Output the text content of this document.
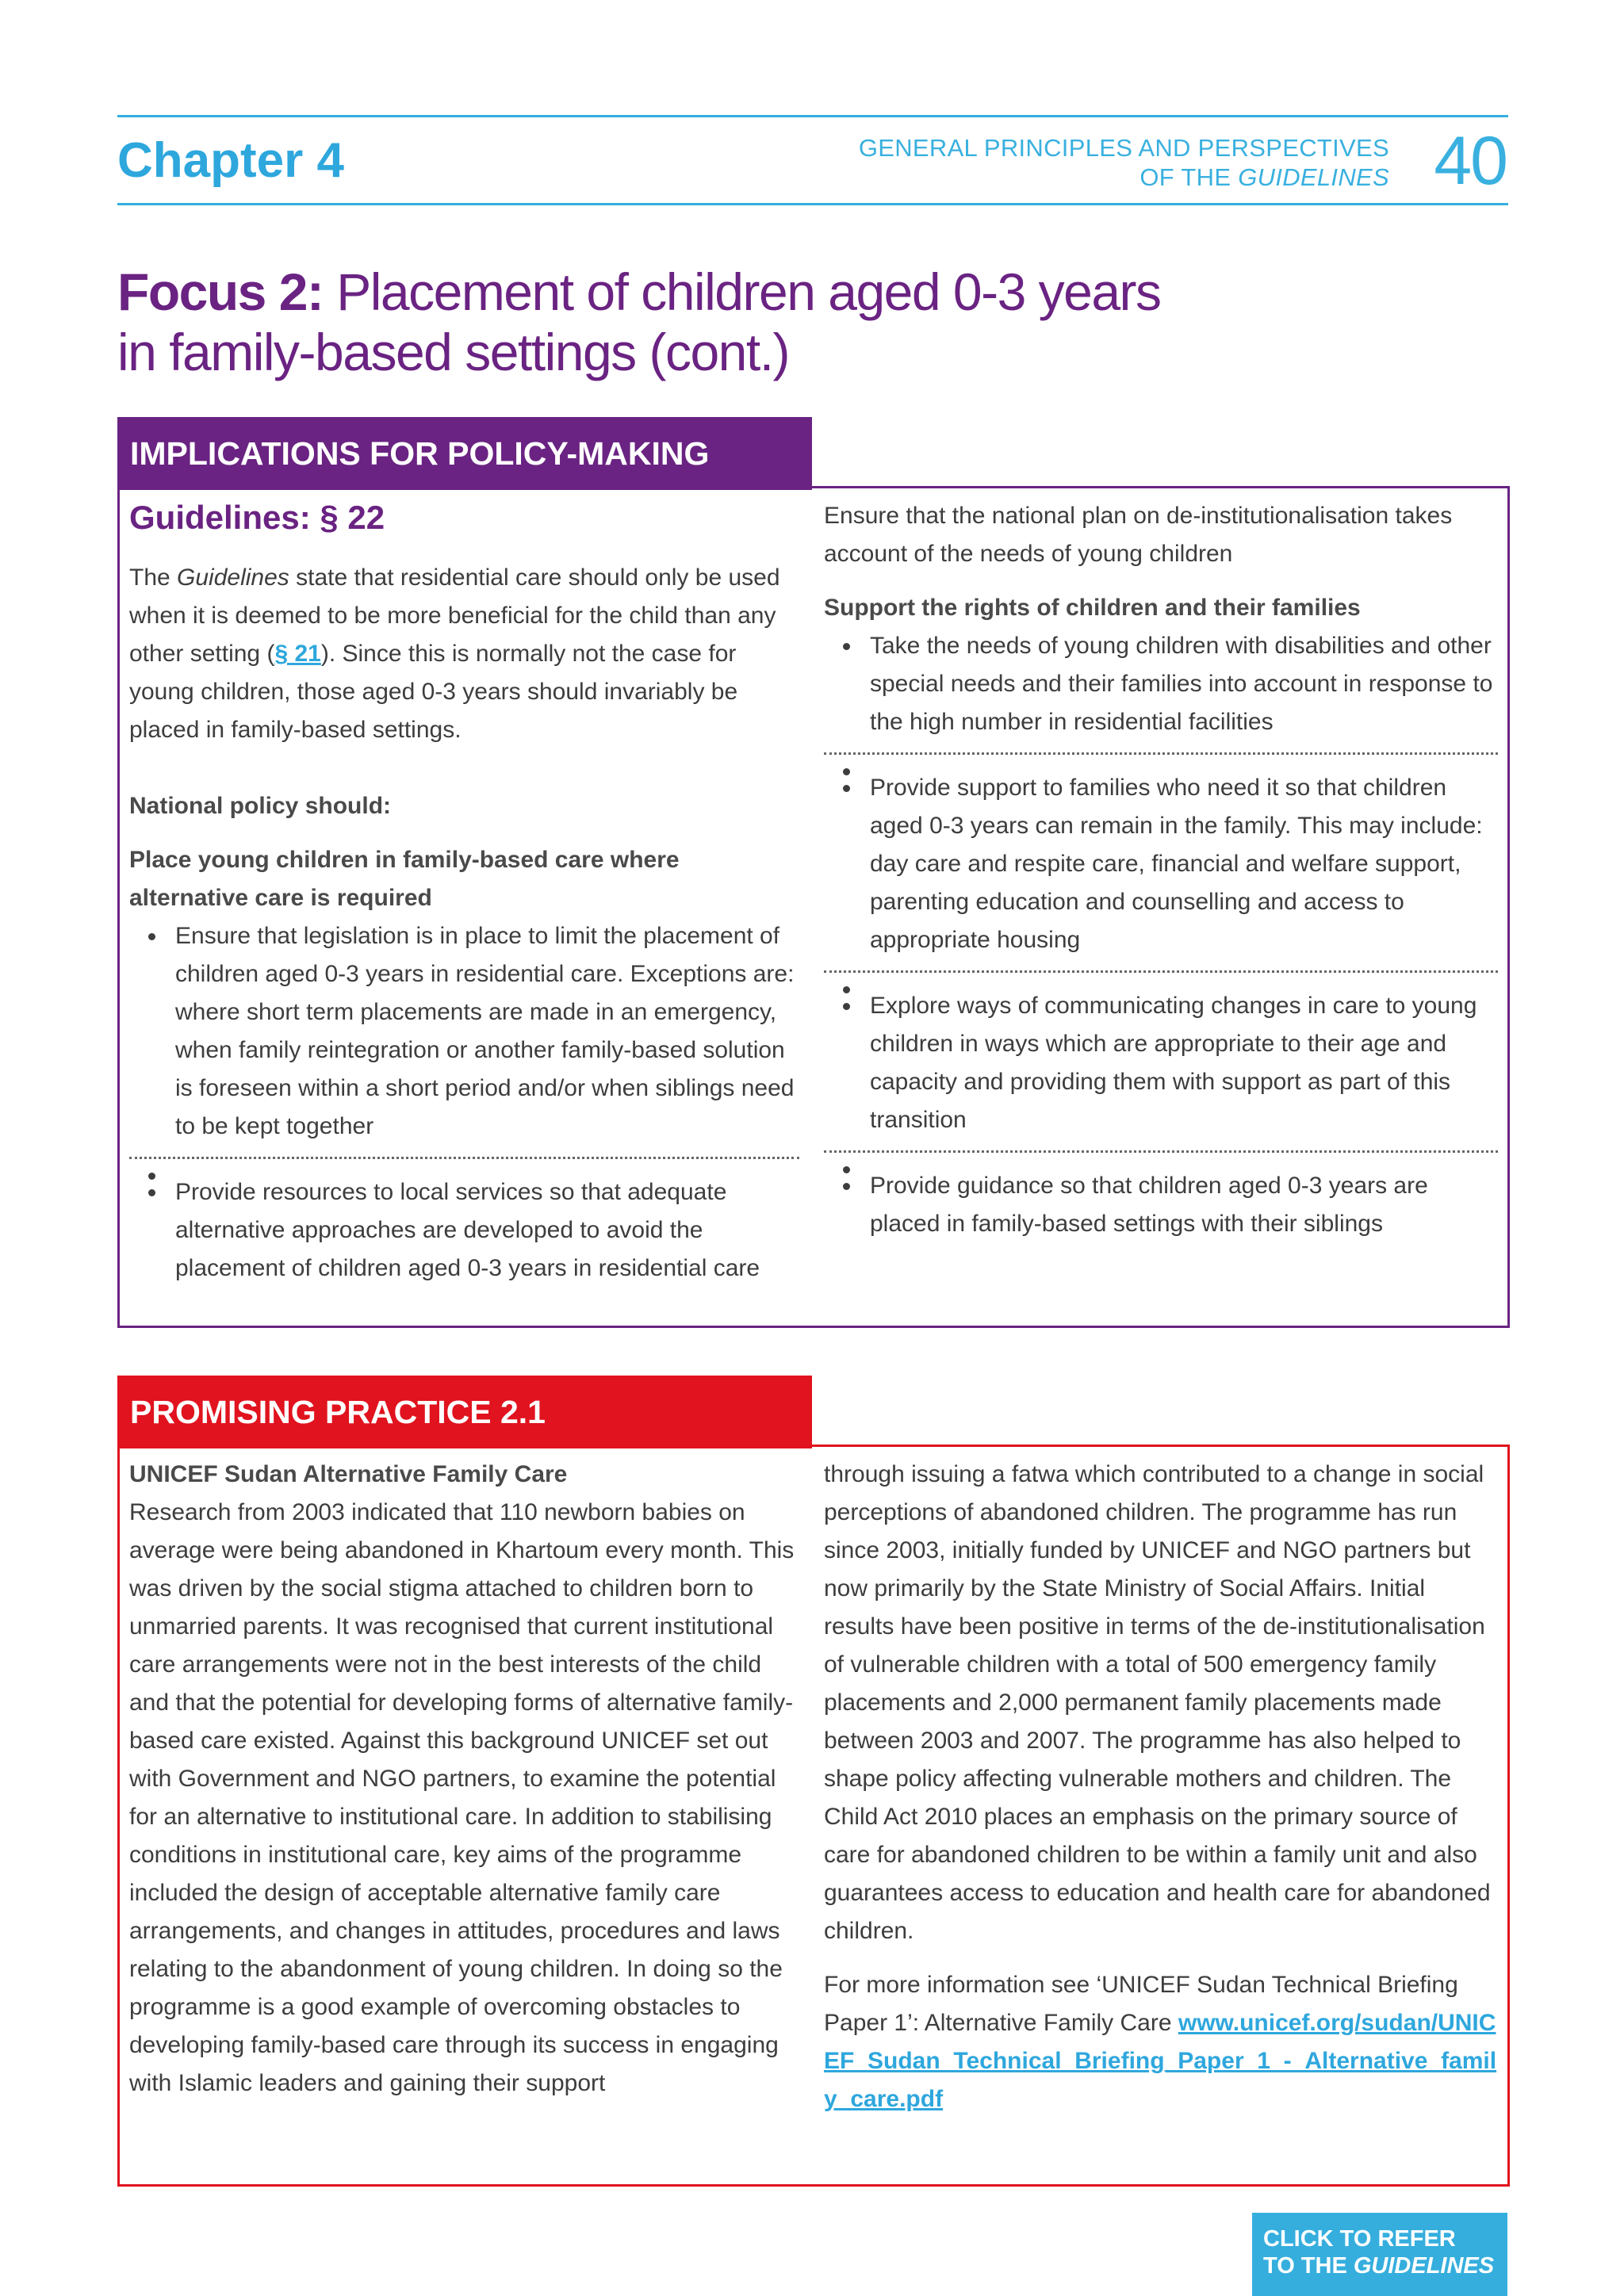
Chapter 4	GENERAL PRINCIPLES AND PERSPECTIVES
OF THE GUIDELINES 40
Focus 2: Placement of children aged 0-3 years
in family-based settings (cont.)
IMPLICATIONS FOR POLICY-MAKING
Guidelines: § 22

The Guidelines state that residential care should only be used when it is deemed to be more beneficial for the child than any other setting (§ 21). Since this is normally not the case for young children, those aged 0-3 years should invariably be placed in family-based settings.

National policy should:

Place young children in family-based care where alternative care is required

Ensure that legislation is in place to limit the placement of children aged 0-3 years in residential care. Exceptions are: where short term placements are made in an emergency, when family reintegration or another family-based solution is foreseen within a short period and/or when siblings need to be kept together
Provide resources to local services so that adequate alternative approaches are developed to avoid the placement of children aged 0-3 years in residential care

Ensure that the national plan on de-institutionalisation takes account of the needs of young children

Support the rights of children and their families

Take the needs of young children with disabilities and other special needs and their families into account in response to the high number in residential facilities
Provide support to families who need it so that children aged 0-3 years can remain in the family. This may include: day care and respite care, financial and welfare support, parenting education and counselling and access to appropriate housing
Explore ways of communicating changes in care to young children in ways which are appropriate to their age and capacity and providing them with support as part of this transition
Provide guidance so that children aged 0-3 years are placed in family-based settings with their siblings
PROMISING PRACTICE 2.1

UNICEF Sudan Alternative Family Care

Research from 2003 indicated that 110 newborn babies on average were being abandoned in Khartoum every month. This was driven by the social stigma attached to children born to unmarried parents. It was recognised that current institutional care arrangements were not in the best interests of the child and that the potential for developing forms of alternative family-based care existed. Against this background UNICEF set out with Government and NGO partners, to examine the potential for an alternative to institutional care. In addition to stabilising conditions in institutional care, key aims of the programme included the design of acceptable alternative family care arrangements, and changes in attitudes, procedures and laws relating to the abandonment of young children. In doing so the programme is a good example of overcoming obstacles to developing family-based care through its success in engaging with Islamic leaders and gaining their support

through issuing a fatwa which contributed to a change in social perceptions of abandoned children. The programme has run since 2003, initially funded by UNICEF and NGO partners but now primarily by the State Ministry of Social Affairs. Initial results have been positive in terms of the de-institutionalisation of vulnerable children with a total of 500 emergency family placements and 2,000 permanent family placements made between 2003 and 2007. The programme has also helped to shape policy affecting vulnerable mothers and children. The Child Act 2010 places an emphasis on the primary source of care for abandoned children to be within a family unit and also guarantees access to education and health care for abandoned children.

For more information see ‘UNICEF Sudan Technical Briefing Paper 1’: Alternative Family Care www.unicef.org/sudan/UNICEF_Sudan_Technical_Briefing_Paper_1_-_Alternative_family_care.pdf

CLICK TO REFER
TO THE GUIDELINES
